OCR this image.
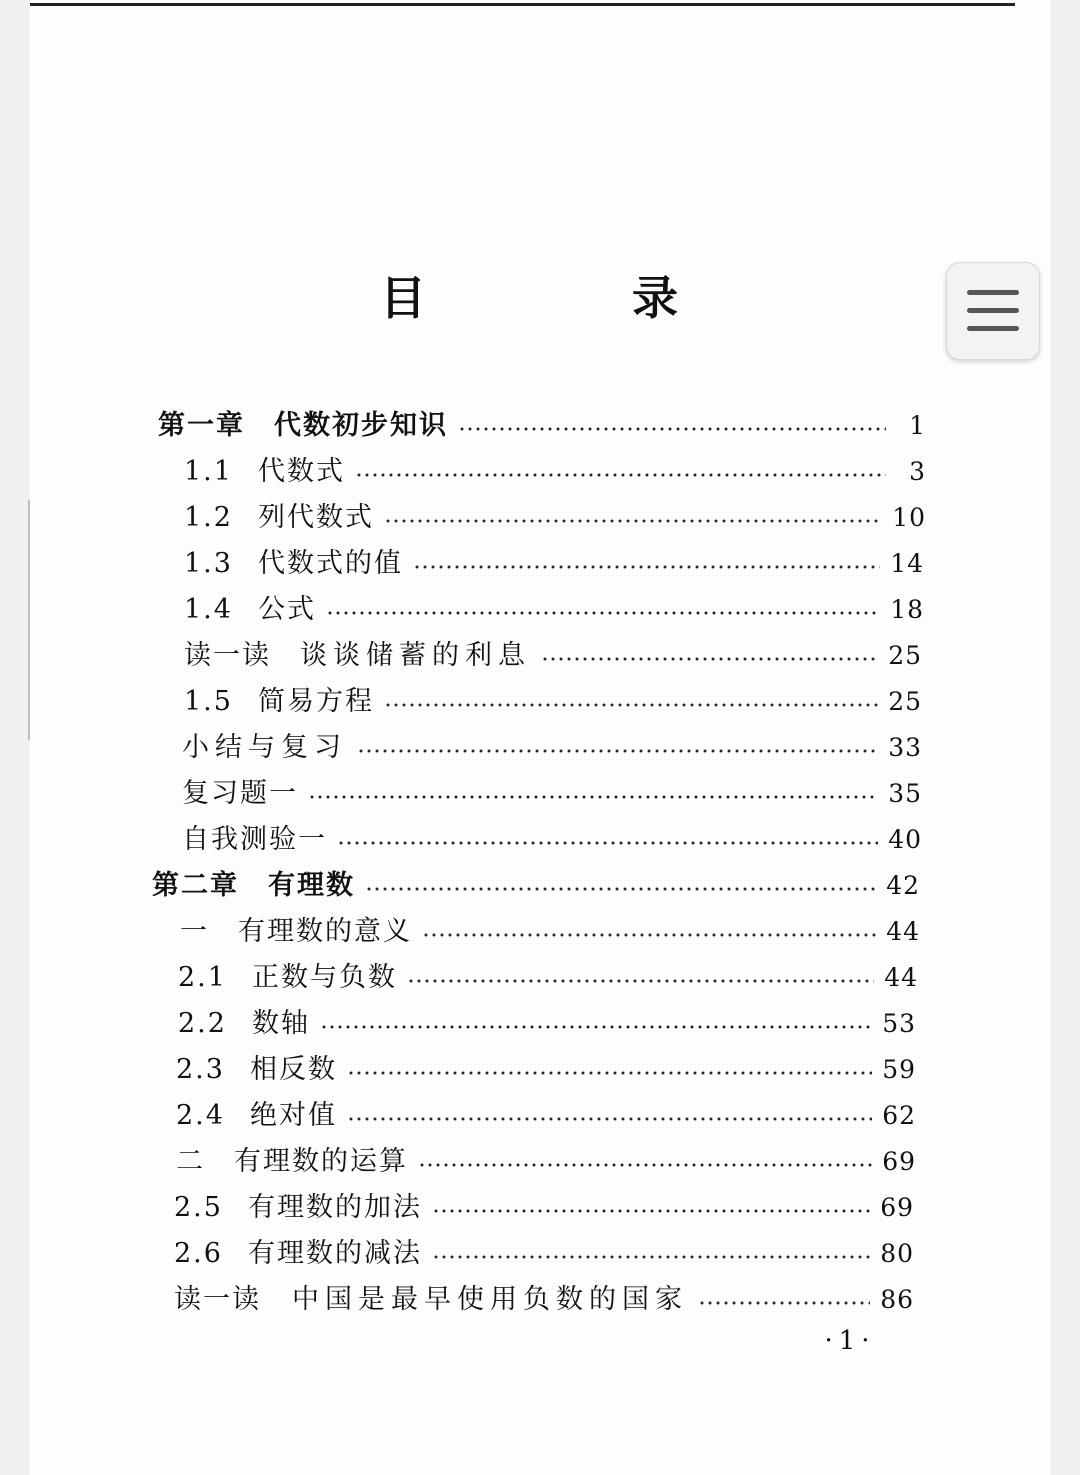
目　录
第一章	代数初步知识	1
1.1 代数式	3
1.2 列代数式	10
1.3 代数式的值	14
1.4 公式	18
读一读	谈谈储蓄的利息	25
1.5 简易方程	25
小结与复习	33
复习题一	35
自我测验一	40
第二章	有理数	42
一	有理数的意义	44
2.1 正数与负数	44
2.2 数轴	53
2.3 相反数	59
2.4 绝对值	62
二	有理数的运算	69
2.5 有理数的加法	69
2.6 有理数的减法	80
读一读	中国是最早使用负数的国家	86
·1·
